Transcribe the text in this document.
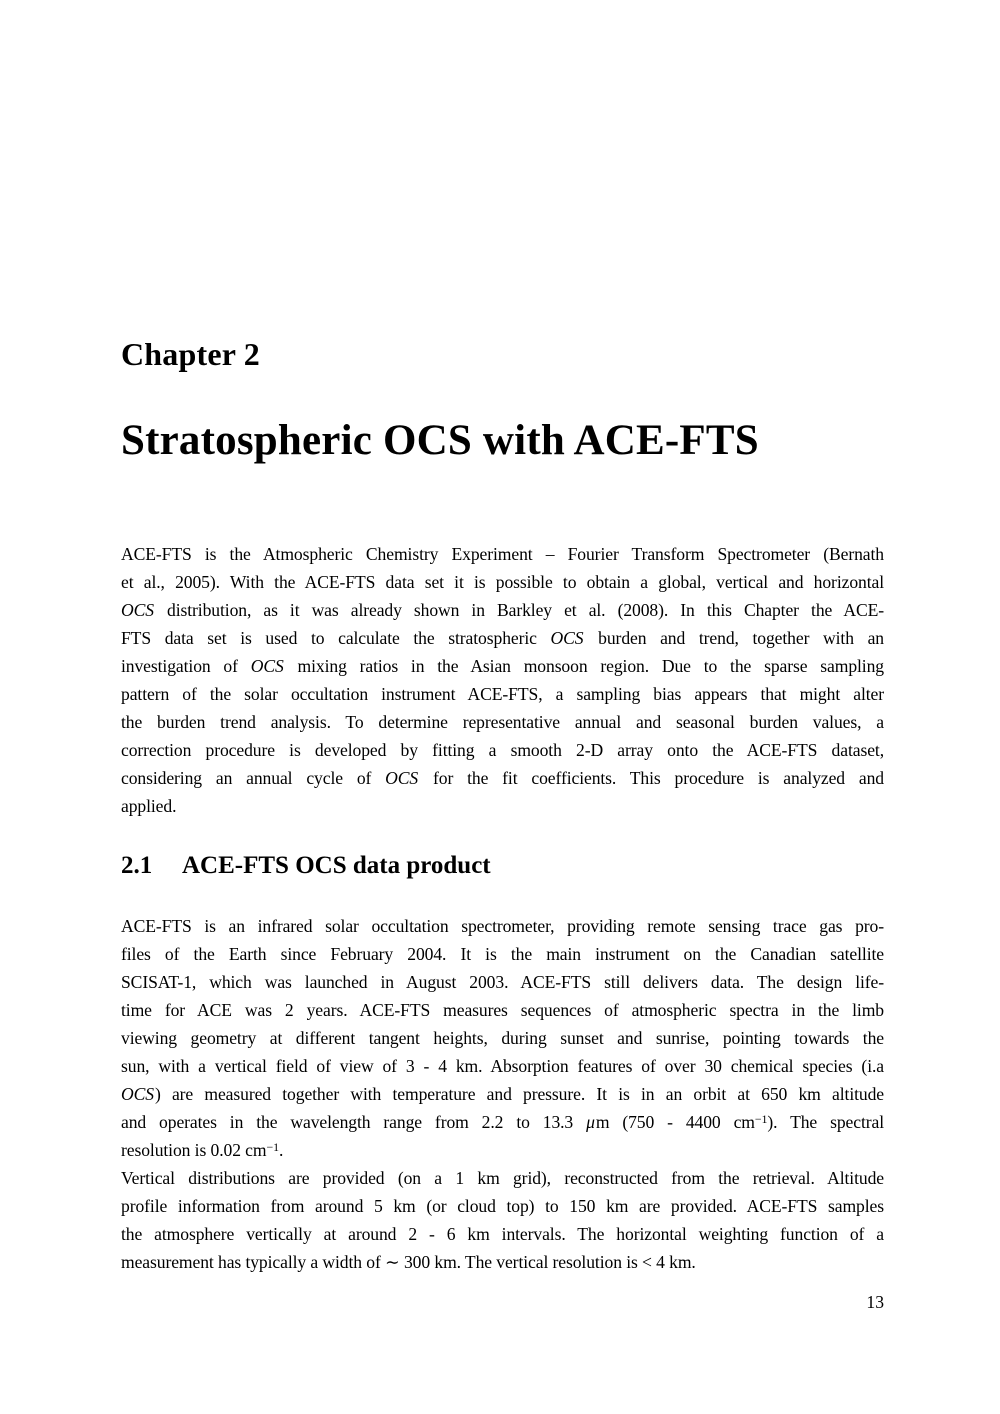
Chapter 2
Stratospheric OCS with ACE-FTS
ACE-FTS is the Atmospheric Chemistry Experiment – Fourier Transform Spectrometer (Bernath
et al., 2005). With the ACE-FTS data set it is possible to obtain a global, vertical and horizontal
OCS distribution, as it was already shown in Barkley et al. (2008). In this Chapter the ACE-
FTS data set is used to calculate the stratospheric OCS burden and trend, together with an
investigation of OCS mixing ratios in the Asian monsoon region. Due to the sparse sampling
pattern of the solar occultation instrument ACE-FTS, a sampling bias appears that might alter
the burden trend analysis. To determine representative annual and seasonal burden values, a
correction procedure is developed by fitting a smooth 2-D array onto the ACE-FTS dataset,
considering an annual cycle of OCS for the fit coefficients. This procedure is analyzed and
applied.
2.1 ACE-FTS OCS data product
ACE-FTS is an infrared solar occultation spectrometer, providing remote sensing trace gas pro-
files of the Earth since February 2004. It is the main instrument on the Canadian satellite
SCISAT-1, which was launched in August 2003. ACE-FTS still delivers data. The design life-
time for ACE was 2 years. ACE-FTS measures sequences of atmospheric spectra in the limb
viewing geometry at different tangent heights, during sunset and sunrise, pointing towards the
sun, with a vertical field of view of 3 - 4 km. Absorption features of over 30 chemical species (i.a
OCS) are measured together with temperature and pressure. It is in an orbit at 650 km altitude
and operates in the wavelength range from 2.2 to 13.3 μm (750 - 4400 $cm^{-1}$). The spectral
resolution is 0.02 $cm^{-1}$.
Vertical distributions are provided (on a 1 km grid), reconstructed from the retrieval. Altitude
profile information from around 5 km (or cloud top) to 150 km are provided. ACE-FTS samples
the atmosphere vertically at around 2 - 6 km intervals. The horizontal weighting function of a
measurement has typically a width of ∼ 300 km. The vertical resolution is < 4 km.
13
